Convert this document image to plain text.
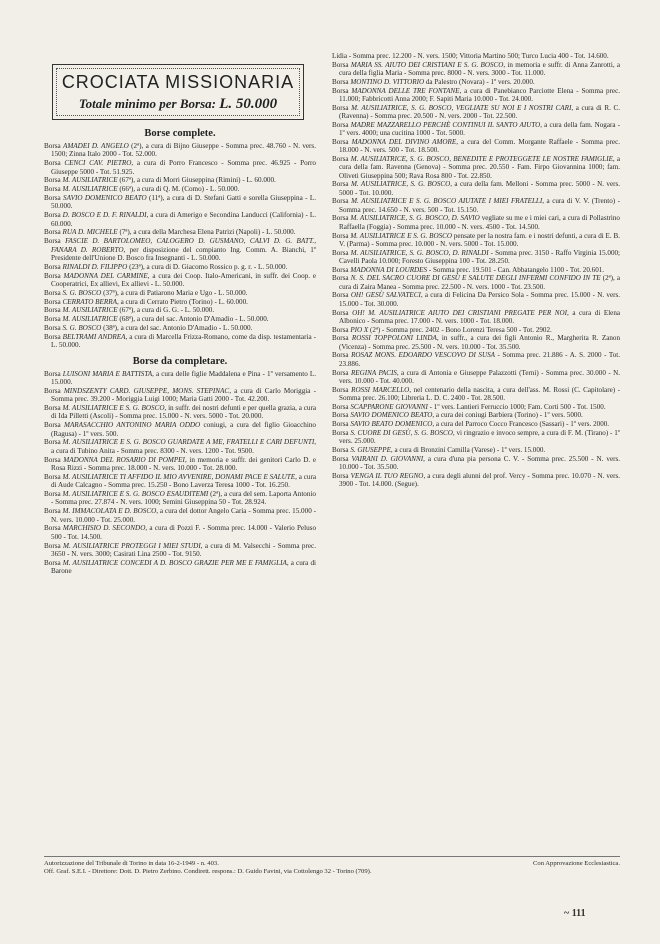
CROCIATA MISSIONARIA
Totale minimo per Borsa: L. 50.000
Borse complete.

Borsa AMADEI D. ANGELO (2ª), a cura di Bijno Giuseppe - Somma prec. 48.760 - N. vers. 1500; Zinna Italo 2000 - Tot. 52.000.

Borsa CENCI CAV. PIETRO, a cura di Porro Francesco - Somma prec. 46.925 - Porro Giuseppe 5000 - Tot. 51.925.

Borsa M. AUSILIATRICE (67ª), a cura di Morri Giuseppina (Rimini) - L. 60.000.

Borsa M. AUSILIATRICE (66ª), a cura di Q. M. (Como) - L. 50.000.

Borsa SAVIO DOMENICO BEATO (11ª), a cura di D. Stefani Gatti e sorella Giuseppina - L. 50.000.

Borsa D. BOSCO E D. F. RINALDI, a cura di Amerigo e Secondina Landucci (California) - L. 60.000.

Borsa RUA D. MICHELE (7ª), a cura della Marchesa Elena Patrizi (Napoli) - L. 50.000.

Borsa FASCIE D. BARTOLOMEO, CALOGERO D. GUSMANO, CALVI D. G. BATT., FANARA D. ROBERTO, per disposizione del compianto Ing. Comm. A. Bianchi, 1º Presidente dell'Unione D. Bosco fra Insegnanti - L. 50.000.

Borsa RINALDI D. FILIPPO (23ª), a cura di D. Giacomo Rossico p. g. r. - L. 50.000.

Borsa MADONNA DEL CARMINE, a cura dei Coop. Italo-Americani, in suffr. dei Coop. e Cooperatrici, Ex allievi, Ex allievi - L. 50.000.

Borsa S. G. BOSCO (37ª), a cura di Patiarono Maria e Ugo - L. 50.000.

Borsa CERRATO BERRA, a cura di Cerrato Pietro (Torino) - L. 60.000.

Borsa M. AUSILIATRICE (67ª), a cura di G. G. - L. 50.000.

Borsa M. AUSILIATRICE (68ª), a cura del sac. Antonio D'Amadio - L. 50.000.

Borsa S. G. BOSCO (38ª), a cura del sac. Antonio D'Amadio - L. 50.000.

Borsa BELTRAMI ANDREA, a cura di Marcella Frizza-Romano, come da disp. testamentaria - L. 50.000.

Borse da completare.

Borsa LUISONI MARIA E BATTISTA, a cura delle figlie Maddalena e Pina - 1º versamento L. 15.000.

Borsa MINDSZENTY CARD. GIUSEPPE, MONS. STEPINAC, a cura di Carlo Moriggia - Somma prec. 39.200 - Moriggia Luigi 1000; Maria Gatti 2000 - Tot. 42.200.

Borsa M. AUSILIATRICE E S. G. BOSCO, in suffr. dei nostri defunti e per quella grazia, a cura di Ida Pilletti (Ascoli) - Somma prec. 15.000 - N. vers. 5000 - Tot. 20.000.

Borsa MARASACCHIO ANTONINO MARIA ODDO coniugi, a cura del figlio Gioacchino (Ragusa) - 1º vers. 500.

Borsa M. AUSILIATRICE E S. G. BOSCO GUARDATE A ME, FRATELLI E CARI DEFUNTI, a cura di Tubino Anita - Somma prec. 8300 - N. vers. 1200 - Tot. 9500.

Borsa MADONNA DEL ROSARIO DI POMPEI, in memoria e suffr. dei genitori Carlo D. e Rosa Rizzi - Somma prec. 18.000 - N. vers. 10.000 - Tot. 28.000.

Borsa M. AUSILIATRICE TI AFFIDO IL MIO AVVENIRE, DONAMI PACE E SALUTE, a cura di Aude Calcagno - Somma prec. 15.250 - Bono Laverza Teresa 1000 - Tot. 16.250.

Borsa M. AUSILIATRICE E S. G. BOSCO ESAUDITEMI (2ª), a cura del sem. Laporta Antonio - Somma prec. 27.874 - N. vers. 1000; Semini Giuseppina 50 - Tot. 28.924.

Borsa M. IMMACOLATA E D. BOSCO, a cura del dottor Angelo Caria - Somma prec. 15.000 - N. vers. 10.000 - Tot. 25.000.

Borsa MARCHISIO D. SECONDO, a cura di Pozzi F. - Somma prec. 14.000 - Valerio Peluso 500 - Tot. 14.500.

Borsa M. AUSILIATRICE PROTEGGI I MIEI STUDI, a cura di M. Valsecchi - Somma prec. 3650 - N. vers. 3000; Casirati Lina 2500 - Tot. 9150.

Borsa M. AUSILIATRICE CONCEDI A D. BOSCO GRAZIE PER ME E FAMIGLIA, a cura di Barone

Lidia - Somma prec. 12.200 - N. vers. 1500; Vittoria Martino 500; Turco Lucia 400 - Tot. 14.600.

Borsa MARIA SS. AIUTO DEI CRISTIANI E S. G. BOSCO, in memoria e suffr. di Anna Zanrotti, a cura della figlia Maria - Somma prec. 8000 - N. vers. 3000 - Tot. 11.000.

Borsa MONTINO D. VITTORIO da Palestro (Novara) - 1º vers. 20.000.

Borsa MADONNA DELLE TRE FONTANE, a cura di Panebianco Parciotte Elena - Somma prec. 11.000; Fabbricotti Anna 2000; F. Sapiti Maria 10.000 - Tot. 24.000.

Borsa M. AUSILIATRICE, S. G. BOSCO, VEGLIATE SU NOI E I NOSTRI CARI, a cura di R. C. (Ravenna) - Somma prec. 20.500 - N. vers. 2000 - Tot. 22.500.

Borsa MADRE MAZZARELLO PERCHÈ CONTINUI IL SANTO AIUTO, a cura della fam. Nogara - 1º vers. 4000; una cucitina 1000 - Tot. 5000.

Borsa MADONNA DEL DIVINO AMORE, a cura del Comm. Morgante Raffaele - Somma prec. 18.000 - N. vers. 500 - Tot. 18.500.

Borsa M. AUSILIATRICE, S. G. BOSCO, BENEDITE E PROTEGGETE LE NOSTRE FAMIGLIE, a cura della fam. Ravenna (Genova) - Somma prec. 20.550 - Fam. Firpo Giovannina 1000; fam. Oliveti Giuseppina 500; Rava Rosa 800 - Tot. 22.850.

Borsa M. AUSILIATRICE, S. G. BOSCO, a cura della fam. Melloni - Somma prec. 5000 - N. vers. 5000 - Tot. 10.000.

Borsa M. AUSILIATRICE E S. G. BOSCO AIUTATE I MIEI FRATELLI, a cura di V. V. (Trento) - Somma prec. 14.650 - N. vers. 500 - Tot. 15.150.

Borsa M. AUSILIATRICE, S. G. BOSCO, D. SAVIO vegliate su me e i miei cari, a cura di Pollastrino Raffaella (Foggia) - Somma prec. 10.000 - N. vers. 4500 - Tot. 14.500.

Borsa M. AUSILIATRICE E S. G. BOSCO pensate per la nostra fam. e i nostri defunti, a cura di E. B. V. (Parma) - Somma prec. 10.000 - N. vers. 5000 - Tot. 15.000.

Borsa M. AUSILIATRICE, S. G. BOSCO, D. RINALDI - Somma prec. 3150 - Raffo Virginia 15.000; Cavelli Paola 10.000; Foresto Giuseppina 100 - Tot. 28.250.

Borsa MADONNA DI LOURDES - Somma prec. 19.501 - Can. Abbatangelo 1100 - Tot. 20.601.

Borsa N. S. DEL SACRO CUORE DI GESÙ E SALUTE DEGLI INFERMI CONFIDO IN TE (2ª), a cura di Zaira Manea - Somma prec. 22.500 - N. vers. 1000 - Tot. 23.500.

Borsa OH! GESÙ SALVATECI, a cura di Felicina Da Persico Sola - Somma prec. 15.000 - N. vers. 15.000 - Tot. 30.000.

Borsa OH! M. AUSILIATRICE AIUTO DEI CRISTIANI PREGATE PER NOI, a cura di Elena Albonico - Somma prec. 17.000 - N. vers. 1000 - Tot. 18.000.

Borsa PIO X (2ª) - Somma prec. 2402 - Bono Lorenzi Teresa 500 - Tot. 2902.

Borsa ROSSI TOPPOLONI LINDA, in suffr., a cura dei figli Antonio R., Margherita R. Zanon (Vicenza) - Somma prec. 25.500 - N. vers. 10.000 - Tot. 35.500.

Borsa ROSAZ MONS. EDOARDO VESCOVO DI SUSA - Somma prec. 21.886 - A. S. 2000 - Tot. 23.886.

Borsa REGINA PACIS, a cura di Antonia e Giuseppe Palazzotti (Terni) - Somma prec. 30.000 - N. vers. 10.000 - Tot. 40.000.

Borsa ROSSI MARCELLO, nel centenario della nascita, a cura dell'ass. M. Rossi (C. Capitolare) - Somma prec. 26.100; Libreria L. D. C. 2400 - Tot. 28.500.

Borsa SCAPPARONE GIOVANNI - 1º vers. Lantieri Ferruccio 1000; Fam. Corti 500 - Tot. 1500.

Borsa SAVIO DOMENICO BEATO, a cura dei coniugi Barbiera (Torino) - 1º vers. 5000.

Borsa SAVIO BEATO DOMENICO, a cura del Parroco Cocco Francesco (Sassari) - 1º vers. 2000.

Borsa S. CUORE DI GESÙ, S. G. BOSCO, vi ringrazio e invoco sempre, a cura di F. M. (Tirano) - 1º vers. 25.000.

Borsa S. GIUSEPPE, a cura di Bronzini Camilla (Varese) - 1º vers. 15.000.

Borsa VAIRANI D. GIOVANNI, a cura d'una pia persona C. V. - Somma prec. 25.500 - N. vers. 10.000 - Tot. 35.500.

Borsa VENGA IL TUO REGNO, a cura degli alunni del prof. Vercy - Somma prec. 10.070 - N. vers. 3900 - Tot. 14.000. (Segue).

Autorizzazione del Tribunale di Torino in data 16-2-1949 - n. 403.	Con Approvazione Ecclesiastica.
Off. Graf. S.E.I. - Direttore: Dott. D. Pietro Zerbino. Condirett. respons.: D. Guido Favini, via Cottolengo 32 - Torino (709).
~ 111
